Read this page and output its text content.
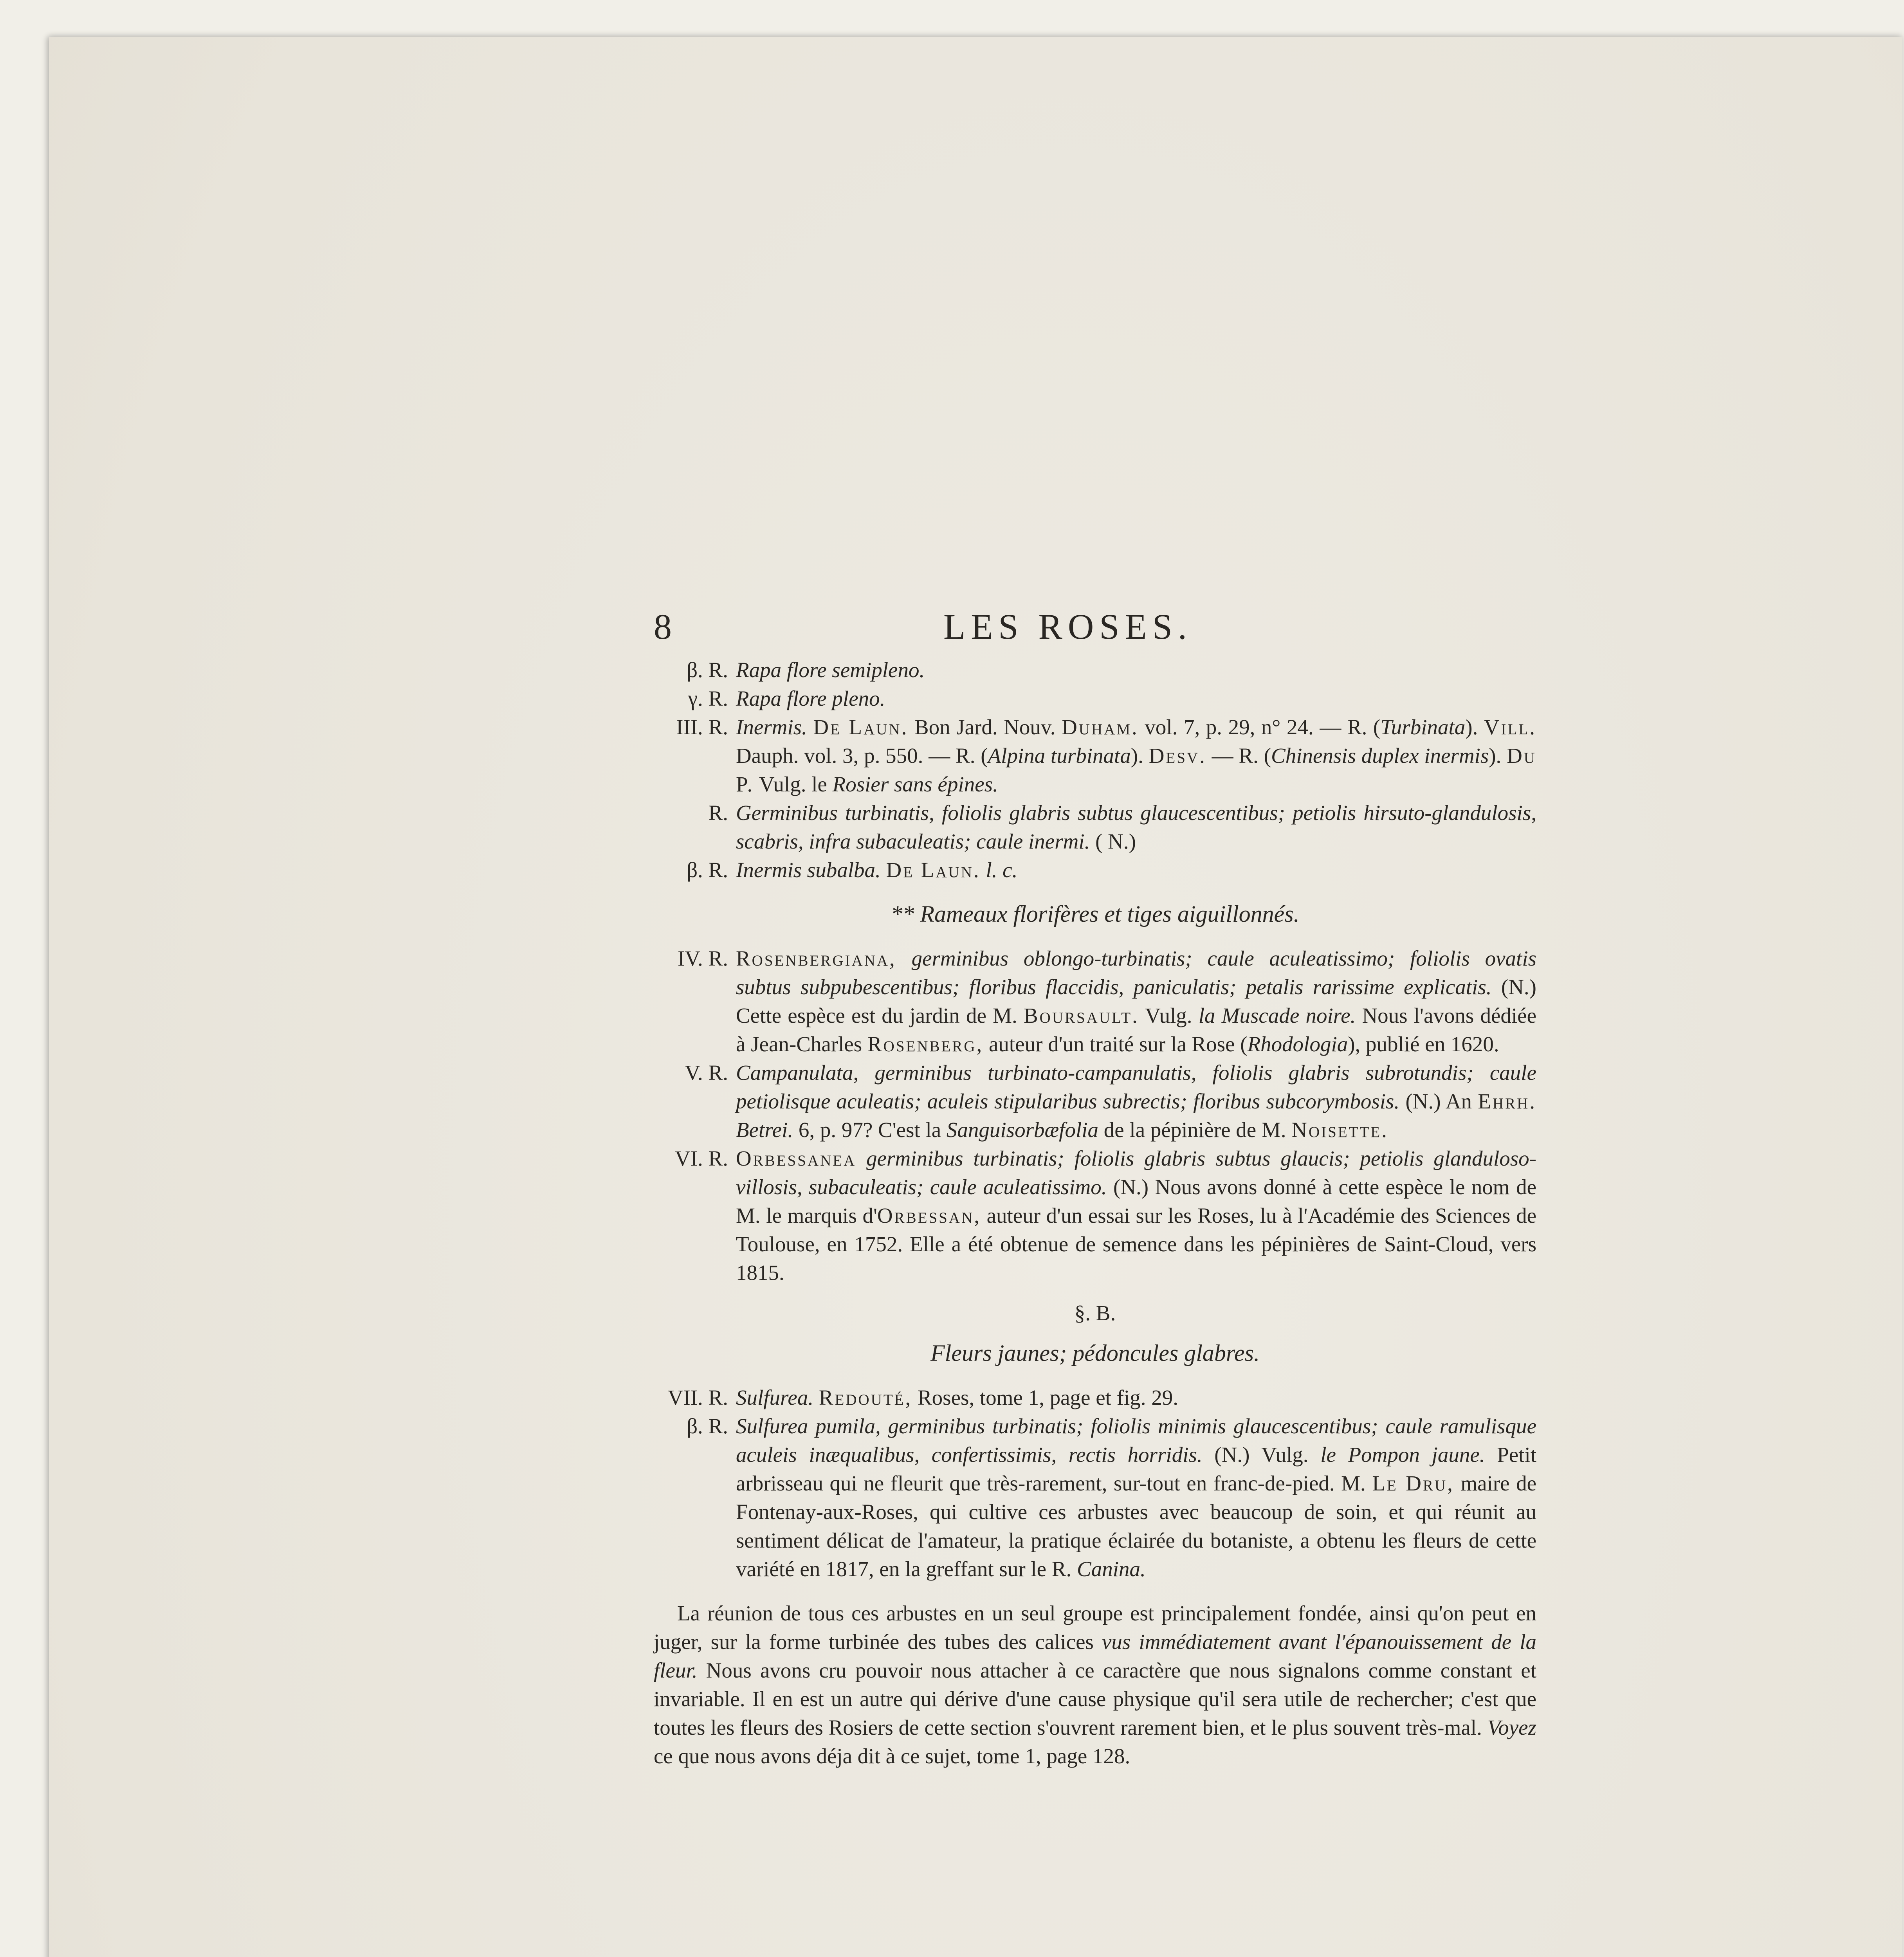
8	LES ROSES.
β. R. Rapa flore semipleno.
γ. R. Rapa flore pleno.
III. R. Inermis. De Laun. Bon Jard. Nouv. Duham. vol. 7, p. 29, n° 24. — R. (Turbinata). Vill. Dauph. vol. 3, p. 550. — R. (Alpina turbinata). Desv. — R. (Chinensis duplex inermis). Du P. Vulg. le Rosier sans épines.
R. Germinibus turbinatis, foliolis glabris subtus glaucescentibus; petiolis hirsuto-glandulosis, scabris, infra subaculeatis; caule inermi. ( N.)
β. R. Inermis subalba. De Laun. l. c.
** Rameaux florifères et tiges aiguillonnés.
IV. R. Rosenbergiana, germinibus oblongo-turbinatis; caule aculeatissimo; foliolis ovatis subtus subpubescentibus; floribus flaccidis, paniculatis; petalis rarissime explicatis. (N.) Cette espèce est du jardin de M. Boursault. Vulg. la Muscade noire. Nous l'avons dédiée à Jean-Charles Rosenberg, auteur d'un traité sur la Rose (Rhodologia), publié en 1620.
V. R. Campanulata, germinibus turbinato-campanulatis, foliolis glabris subrotundis; caule petiolisque aculeatis; aculeis stipularibus subrectis; floribus subcorymbosis. (N.) An Ehrh. Betrei. 6, p. 97? C'est la Sanguisorbæfolia de la pépinière de M. Noisette.
VI. R. Orbessanea germinibus turbinatis; foliolis glabris subtus glaucis; petiolis glanduloso-villosis, subaculeatis; caule aculeatissimo. (N.) Nous avons donné à cette espèce le nom de M. le marquis d'Orbessan, auteur d'un essai sur les Roses, lu à l'Académie des Sciences de Toulouse, en 1752. Elle a été obtenue de semence dans les pépinières de Saint-Cloud, vers 1815.
§. B.
Fleurs jaunes; pédoncules glabres.
VII. R. Sulfurea. Redouté, Roses, tome 1, page et fig. 29.
β. R. Sulfurea pumila, germinibus turbinatis; foliolis minimis glaucescentibus; caule ramulisque aculeis inæqualibus, confertissimis, rectis horridis. (N.) Vulg. le Pompon jaune. Petit arbrisseau qui ne fleurit que très-rarement, sur-tout en franc-de-pied. M. Le Dru, maire de Fontenay-aux-Roses, qui cultive ces arbustes avec beaucoup de soin, et qui réunit au sentiment délicat de l'amateur, la pratique éclairée du botaniste, a obtenu les fleurs de cette variété en 1817, en la greffant sur le R. Canina.
La réunion de tous ces arbustes en un seul groupe est principalement fondée, ainsi qu'on peut en juger, sur la forme turbinée des tubes des calices vus immédiatement avant l'épanouissement de la fleur. Nous avons cru pouvoir nous attacher à ce caractère que nous signalons comme constant et invariable. Il en est un autre qui dérive d'une cause physique qu'il sera utile de rechercher; c'est que toutes les fleurs des Rosiers de cette section s'ouvrent rarement bien, et le plus souvent très-mal. Voyez ce que nous avons déja dit à ce sujet, tome 1, page 128.
